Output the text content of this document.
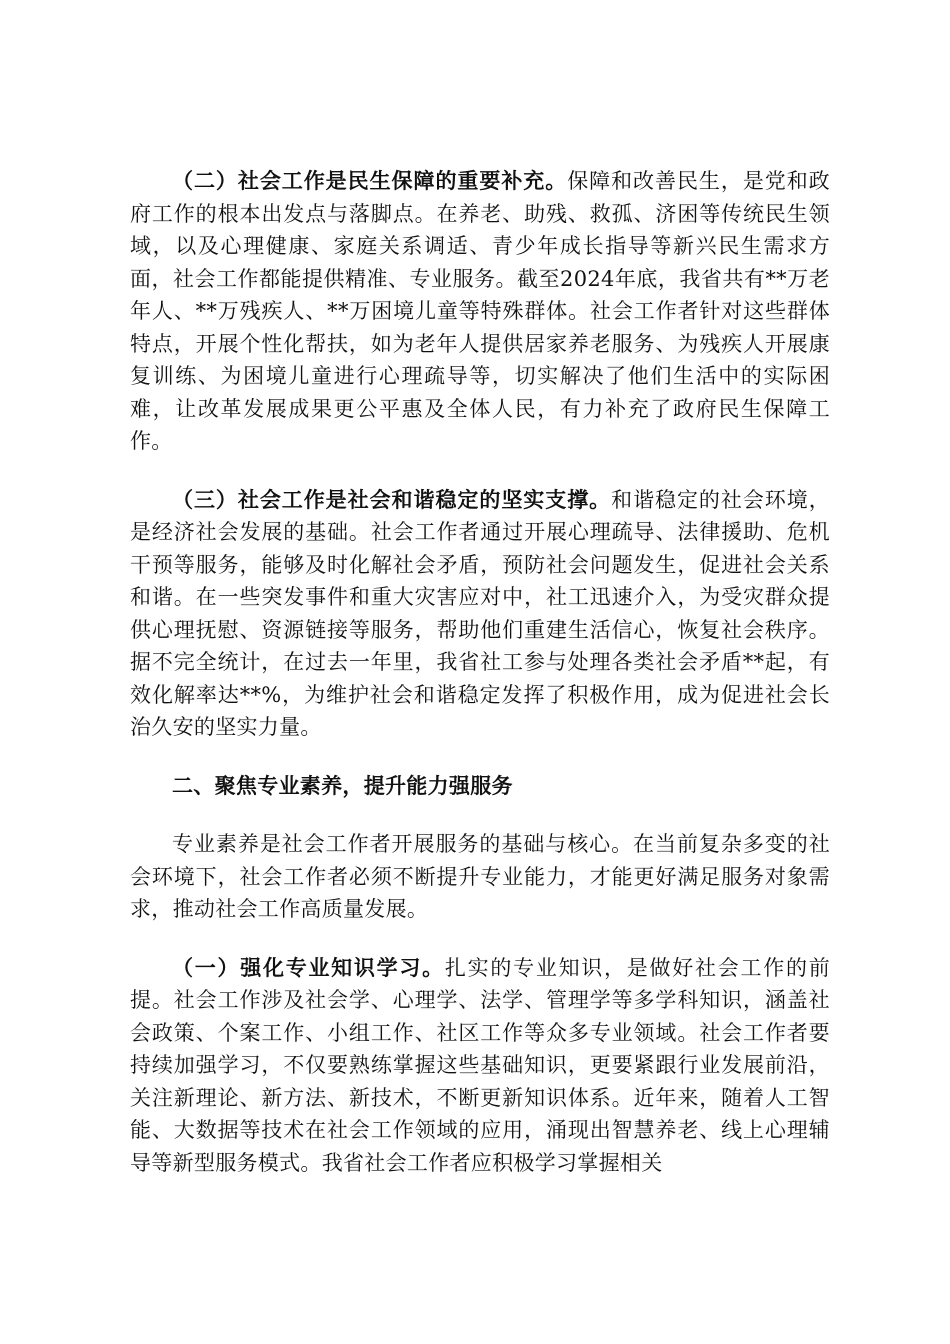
（二）社会工作是民生保障的重要补充。保障和改善民生，是党和政府工作的根本出发点与落脚点。在养老、助残、救孤、济困等传统民生领域，以及心理健康、家庭关系调适、青少年成长指导等新兴民生需求方面，社会工作都能提供精准、专业服务。截至2024年底，我省共有**万老年人、**万残疾人、**万困境儿童等特殊群体。社会工作者针对这些群体特点，开展个性化帮扶，如为老年人提供居家养老服务、为残疾人开展康复训练、为困境儿童进行心理疏导等，切实解决了他们生活中的实际困难，让改革发展成果更公平惠及全体人民，有力补充了政府民生保障工作。

（三）社会工作是社会和谐稳定的坚实支撑。和谐稳定的社会环境，是经济社会发展的基础。社会工作者通过开展心理疏导、法律援助、危机干预等服务，能够及时化解社会矛盾，预防社会问题发生，促进社会关系和谐。在一些突发事件和重大灾害应对中，社工迅速介入，为受灾群众提供心理抚慰、资源链接等服务，帮助他们重建生活信心，恢复社会秩序。据不完全统计，在过去一年里，我省社工参与处理各类社会矛盾**起，有效化解率达**%，为维护社会和谐稳定发挥了积极作用，成为促进社会长治久安的坚实力量。

二、聚焦专业素养，提升能力强服务

专业素养是社会工作者开展服务的基础与核心。在当前复杂多变的社会环境下，社会工作者必须不断提升专业能力，才能更好满足服务对象需求，推动社会工作高质量发展。

（一）强化专业知识学习。扎实的专业知识，是做好社会工作的前提。社会工作涉及社会学、心理学、法学、管理学等多学科知识，涵盖社会政策、个案工作、小组工作、社区工作等众多专业领域。社会工作者要持续加强学习，不仅要熟练掌握这些基础知识，更要紧跟行业发展前沿，关注新理论、新方法、新技术，不断更新知识体系。近年来，随着人工智能、大数据等技术在社会工作领域的应用，涌现出智慧养老、线上心理辅导等新型服务模式。我省社会工作者应积极学习掌握相关
